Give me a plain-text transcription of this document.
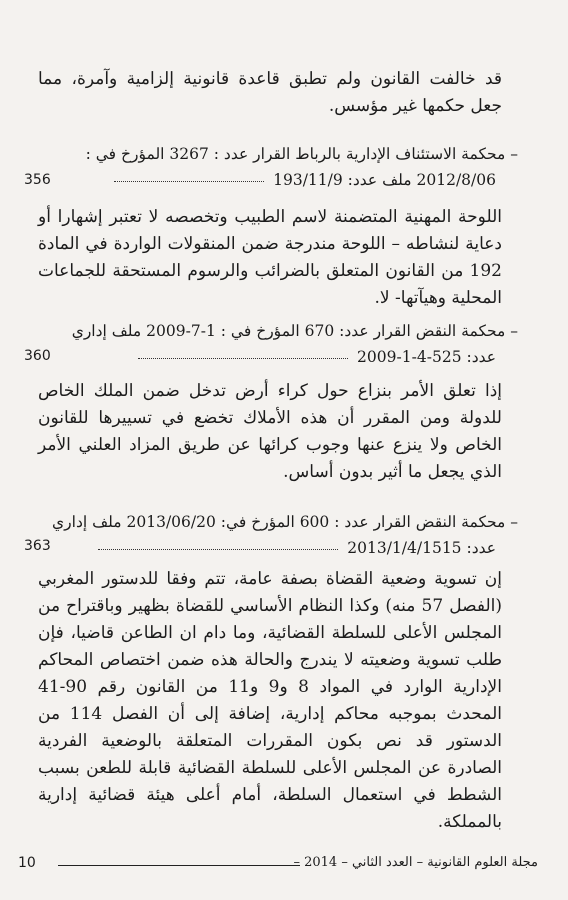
قد خالفت القانون ولم تطبق قاعدة قانونية إلزامية وآمرة، مما جعل حكمها غير مؤسس.

– محكمة الاستئناف الإدارية بالرباط القرار عدد : 3267 المؤرخ في :
2012/8/06 ملف عدد: 193/11/9
356

اللوحة المهنية المتضمنة لاسم الطبيب وتخصصه لا تعتبر إشهارا أو دعاية لنشاطه – اللوحة مندرجة ضمن المنقولات الواردة في المادة 192 من القانون المتعلق بالضرائب والرسوم المستحقة للجماعات المحلية وهيآتها- لا.

– محكمة النقض القرار عدد: 670 المؤرخ في : 1-7-2009 ملف إداري
عدد: 525-4-1-2009
360

إذا تعلق الأمر بنزاع حول كراء أرض تدخل ضمن الملك الخاص للدولة ومن المقرر أن هذه الأملاك تخضع في تسييرها للقانون الخاص ولا ينزع عنها وجوب كرائها عن طريق المزاد العلني الأمر الذي يجعل ما أثير بدون أساس.

– محكمة النقض القرار عدد : 600 المؤرخ في: 2013/06/20 ملف إداري
عدد: 2013/1/4/1515
363

إن تسوية وضعية القضاة بصفة عامة، تتم وفقا للدستور المغربي (الفصل 57 منه) وكذا النظام الأساسي للقضاة بظهير وباقتراح من المجلس الأعلى للسلطة القضائية، وما دام ان الطاعن قاضيا، فإن طلب تسوية وضعيته لا يندرج والحالة هذه ضمن اختصاص المحاكم الإدارية الوارد في المواد 8 و9 و11 من القانون رقم 90-41 المحدث بموجبه محاكم إدارية، إضافة إلى أن الفصل 114 من الدستور قد نص بكون المقررات المتعلقة بالوضعية الفردية الصادرة عن المجلس الأعلى للسلطة القضائية قابلة للطعن بسبب الشطط في استعمال السلطة، أمام أعلى هيئة قضائية إدارية بالمملكة.

مجلة العلوم القانونية – العدد الثاني – 2014 –
10
